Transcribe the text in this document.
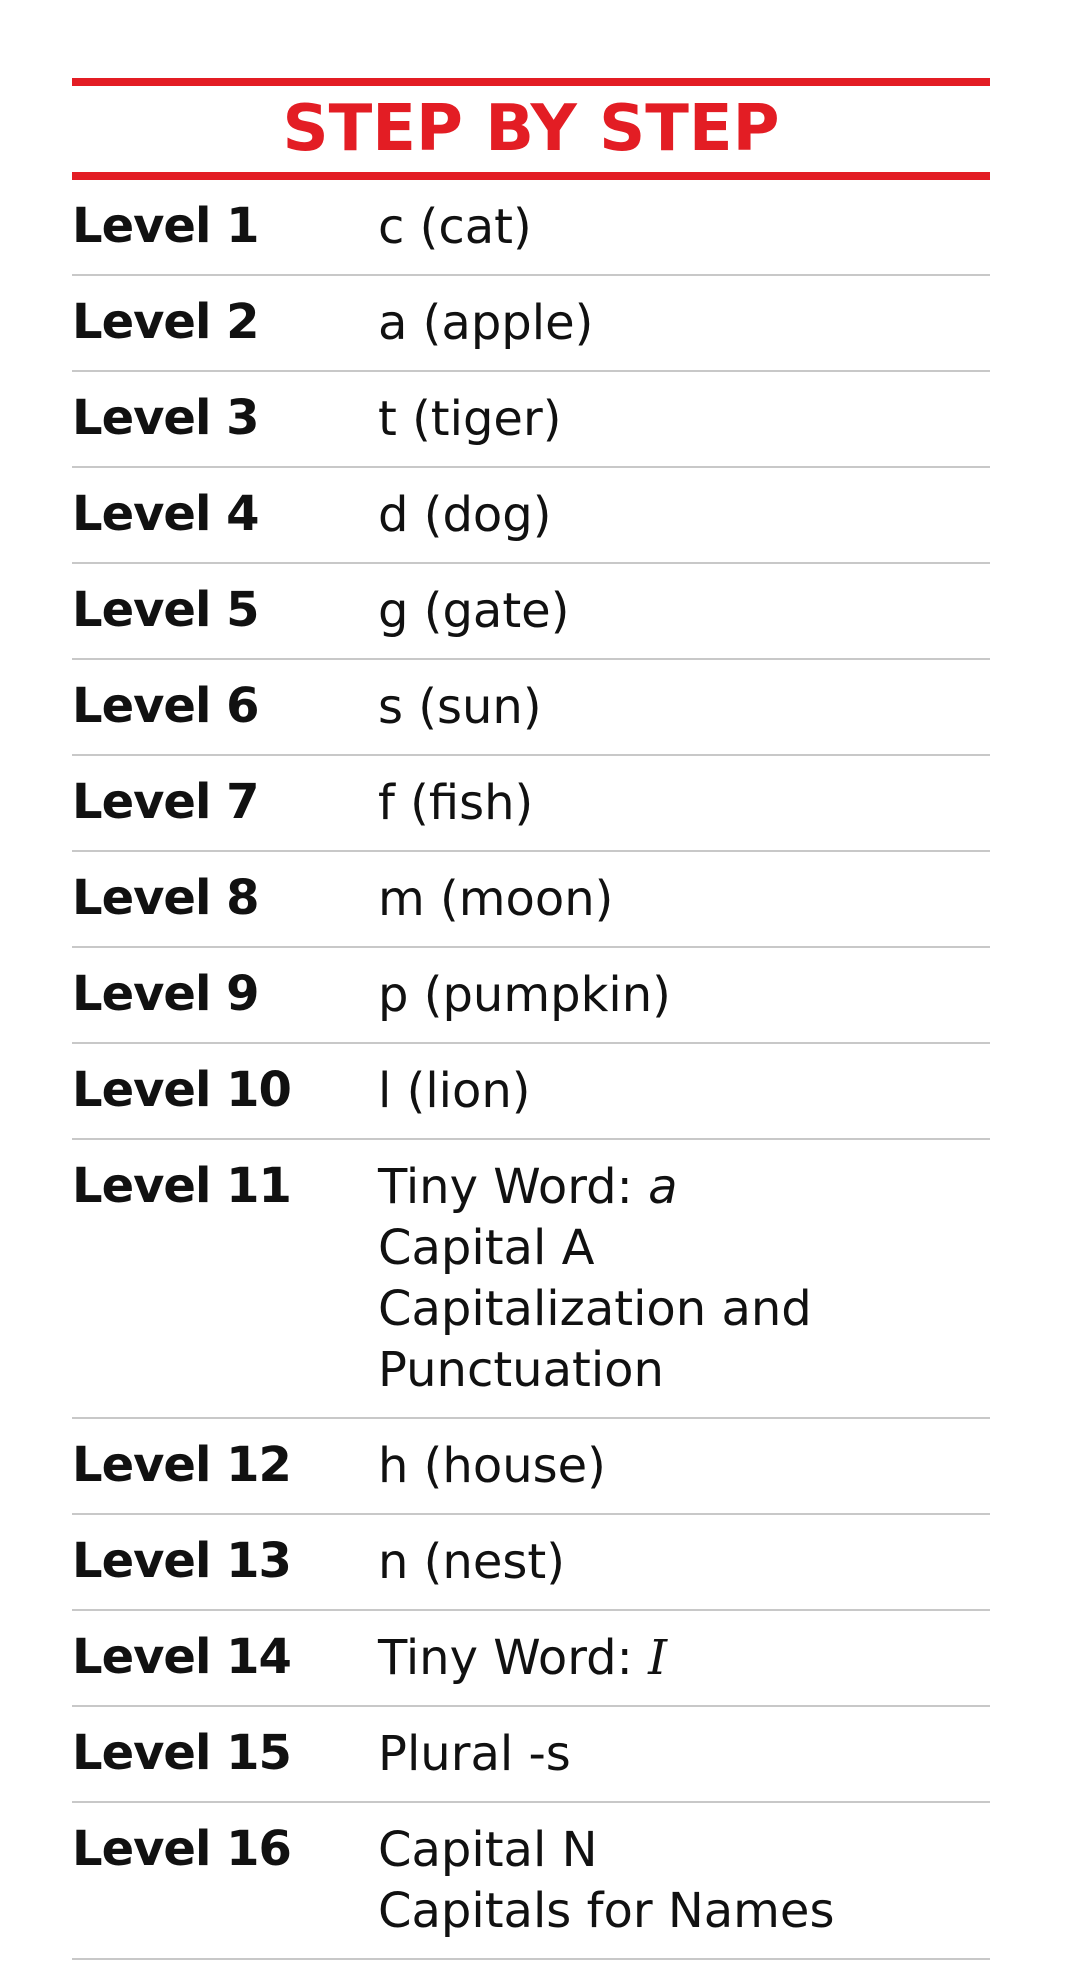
STEP BY STEP
Level 1	c (cat)
Level 2	a (apple)
Level 3	t (tiger)
Level 4	d (dog)
Level 5	g (gate)
Level 6	s (sun)
Level 7	f (fish)
Level 8	m (moon)
Level 9	p (pumpkin)
Level 10	l (lion)
Level 11	Tiny Word: a
Capital A
Capitalization and
Punctuation
Level 12	h (house)
Level 13	n (nest)
Level 14	Tiny Word: I
Level 15	Plural -s
Level 16	Capital N
Capitals for Names
